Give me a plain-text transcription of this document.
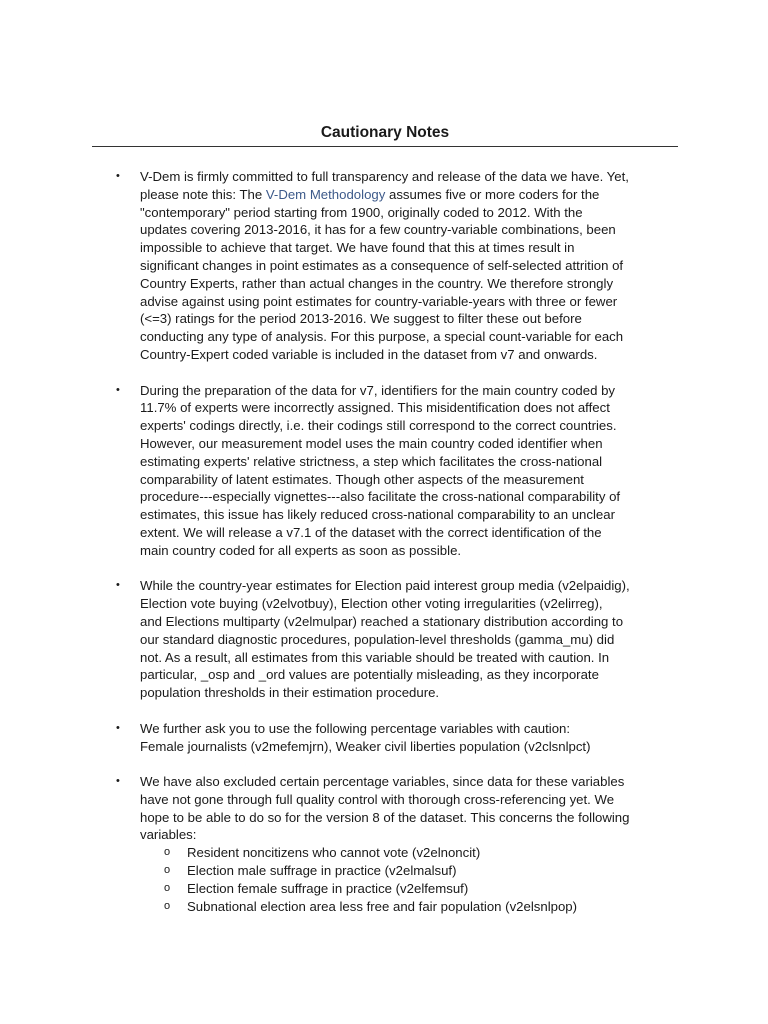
Cautionary Notes
• V-Dem is firmly committed to full transparency and release of the data we have. Yet,
please note this: The V-Dem Methodology assumes five or more coders for the
"contemporary" period starting from 1900, originally coded to 2012. With the
updates covering 2013-2016, it has for a few country-variable combinations, been
impossible to achieve that target. We have found that this at times result in
significant changes in point estimates as a consequence of self-selected attrition of
Country Experts, rather than actual changes in the country. We therefore strongly
advise against using point estimates for country-variable-years with three or fewer
(<=3) ratings for the period 2013-2016. We suggest to filter these out before
conducting any type of analysis. For this purpose, a special count-variable for each
Country-Expert coded variable is included in the dataset from v7 and onwards.
• During the preparation of the data for v7, identifiers for the main country coded by
11.7% of experts were incorrectly assigned. This misidentification does not affect
experts' codings directly, i.e. their codings still correspond to the correct countries.
However, our measurement model uses the main country coded identifier when
estimating experts' relative strictness, a step which facilitates the cross-national
comparability of latent estimates. Though other aspects of the measurement
procedure---especially vignettes---also facilitate the cross-national comparability of
estimates, this issue has likely reduced cross-national comparability to an unclear
extent. We will release a v7.1 of the dataset with the correct identification of the
main country coded for all experts as soon as possible.
• While the country-year estimates for Election paid interest group media (v2elpaidig),
Election vote buying (v2elvotbuy), Election other voting irregularities (v2elirreg),
and Elections multiparty (v2elmulpar) reached a stationary distribution according to
our standard diagnostic procedures, population-level thresholds (gamma_mu) did
not. As a result, all estimates from this variable should be treated with caution. In
particular, _osp and _ord values are potentially misleading, as they incorporate
population thresholds in their estimation procedure.
• We further ask you to use the following percentage variables with caution:
Female journalists (v2mefemjrn), Weaker civil liberties population (v2clsnlpct)
• We have also excluded certain percentage variables, since data for these variables
have not gone through full quality control with thorough cross-referencing yet. We
hope to be able to do so for the version 8 of the dataset. This concerns the following
variables:
o Resident noncitizens who cannot vote (v2elnoncit)
o Election male suffrage in practice (v2elmalsuf)
o Election female suffrage in practice (v2elfemsuf)
o Subnational election area less free and fair population (v2elsnlpop)
